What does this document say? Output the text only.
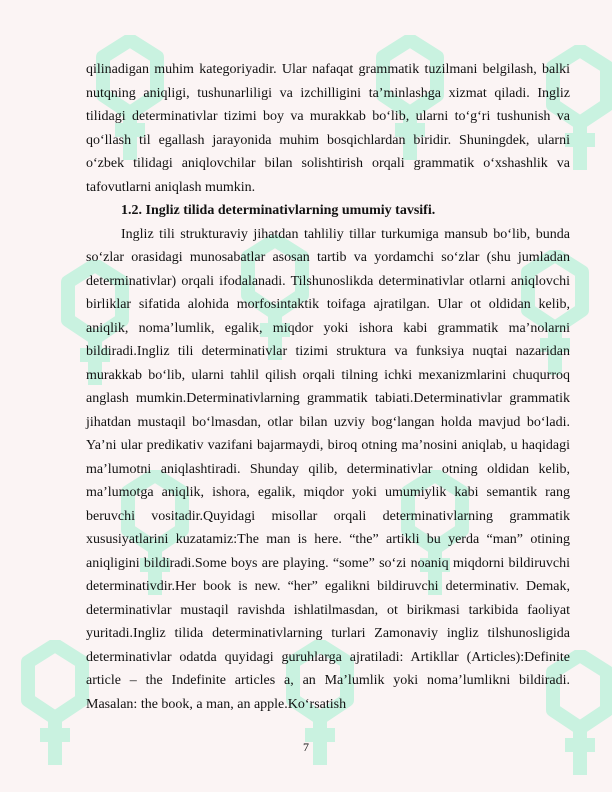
qilinadigan muhim kategoriyadir. Ular nafaqat grammatik tuzilmani belgilash, balki nutqning aniqligi, tushunarliligi va izchilligini ta’minlashga xizmat qiladi. Ingliz tilidagi determinativlar tizimi boy va murakkab bo‘lib, ularni to‘g‘ri tushunish va qo‘llash til egallash jarayonida muhim bosqichlardan biridir. Shuningdek, ularni o‘zbek tilidagi aniqlovchilar bilan solishtirish orqali grammatik o‘xshashlik va tafovutlarni aniqlash mumkin.

1.2. Ingliz tilida determinativlarning umumiy tavsifi.

Ingliz tili strukturaviy jihatdan tahliliy tillar turkumiga mansub bo‘lib, bunda so‘zlar orasidagi munosabatlar asosan tartib va yordamchi so‘zlar (shu jumladan determinativlar) orqali ifodalanadi. Tilshunoslikda determinativlar otlarni aniqlovchi birliklar sifatida alohida morfosintaktik toifaga ajratilgan. Ular ot oldidan kelib, aniqlik, noma’lumlik, egalik, miqdor yoki ishora kabi grammatik ma’nolarni bildiradi.Ingliz tili determinativlar tizimi struktura va funksiya nuqtai nazaridan murakkab bo‘lib, ularni tahlil qilish orqali tilning ichki mexanizmlarini chuqurroq anglash mumkin.Determinativlarning grammatik tabiati.Determinativlar grammatik jihatdan mustaqil bo‘lmasdan, otlar bilan uzviy bog‘langan holda mavjud bo‘ladi. Ya’ni ular predikativ vazifani bajarmaydi, biroq otning ma’nosini aniqlab, u haqidagi ma’lumotni aniqlashtiradi. Shunday qilib, determinativlar otning oldidan kelib, ma’lumotga aniqlik, ishora, egalik, miqdor yoki umumiylik kabi semantik rang beruvchi vositadir.Quyidagi misollar orqali determinativlarning grammatik xususiyatlarini kuzatamiz:The man is here. “the” artikli bu yerda “man” otining aniqligini bildiradi.Some boys are playing. “some” so‘zi noaniq miqdorni bildiruvchi determinativdir.Her book is new. “her” egalikni bildiruvchi determinativ. Demak, determinativlar mustaqil ravishda ishlatilmasdan, ot birikmasi tarkibida faoliyat yuritadi.Ingliz tilida determinativlarning turlari Zamonaviy ingliz tilshunosligida determinativlar odatda quyidagi guruhlarga ajratiladi: Artikllar (Articles):Definite article – the Indefinite articles a, an Ma’lumlik yoki noma’lumlikni bildiradi. Masalan: the book, a man, an apple.Ko‘rsatish

7
